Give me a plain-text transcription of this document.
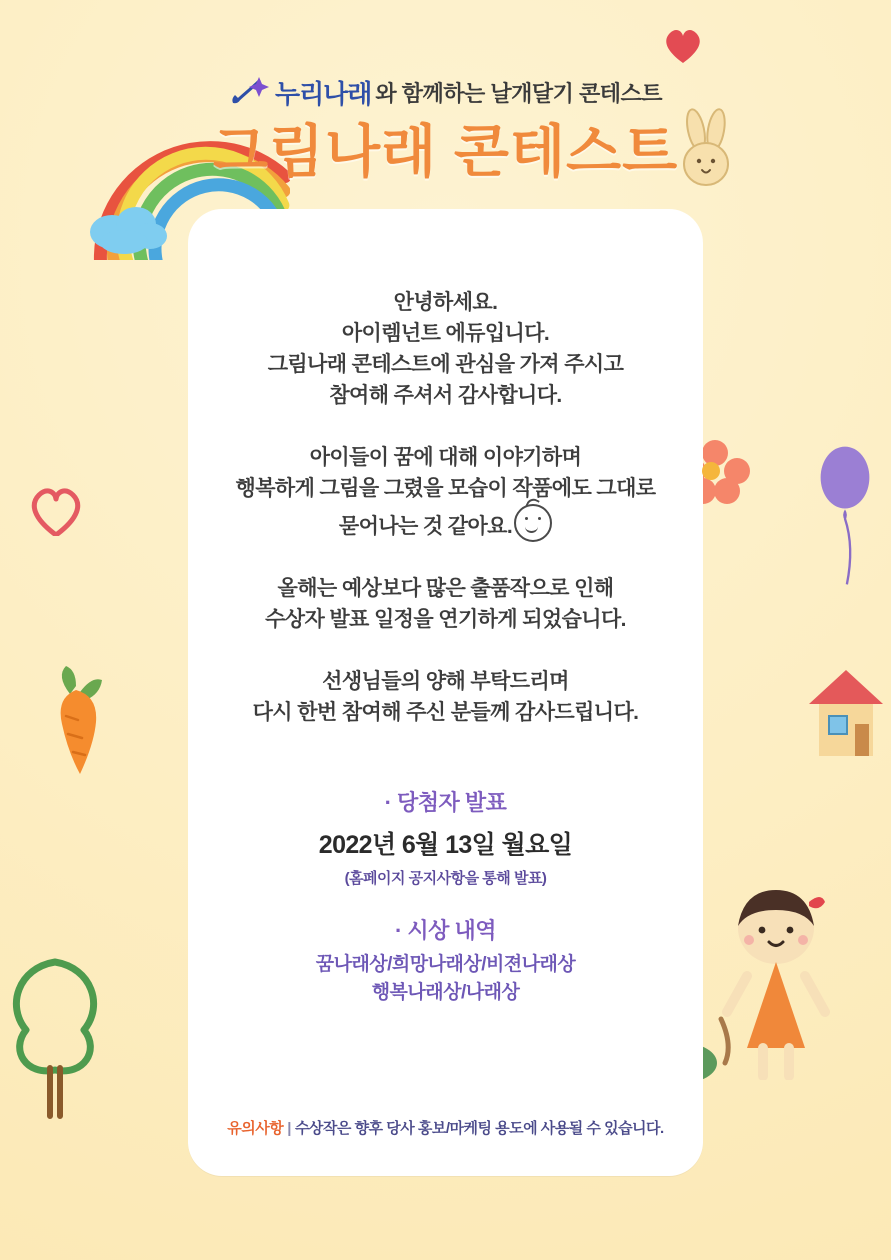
누리나래 와 함께하는 날개달기 콘테스트
그림나래 콘테스트

안녕하세요.

아이렘넌트 에듀입니다.

그림나래 콘테스트에 관심을 가져 주시고

참여해 주셔서 감사합니다.

아이들이 꿈에 대해 이야기하며

행복하게 그림을 그렸을 모습이 작품에도 그대로

묻어나는 것 같아요.

올해는 예상보다 많은 출품작으로 인해

수상자 발표 일정을 연기하게 되었습니다.

선생님들의 양해 부탁드리며

다시 한번 참여해 주신 분들께 감사드립니다.

· 당첨자 발표

2022년 6월 13일 월요일

(홈페이지 공지사항을 통해 발표)

· 시상 내역

꿈나래상/희망나래상/비젼나래상

행복나래상/나래상

유의사항 | 수상작은 향후 당사 홍보/마케팅 용도에 사용될 수 있습니다.
